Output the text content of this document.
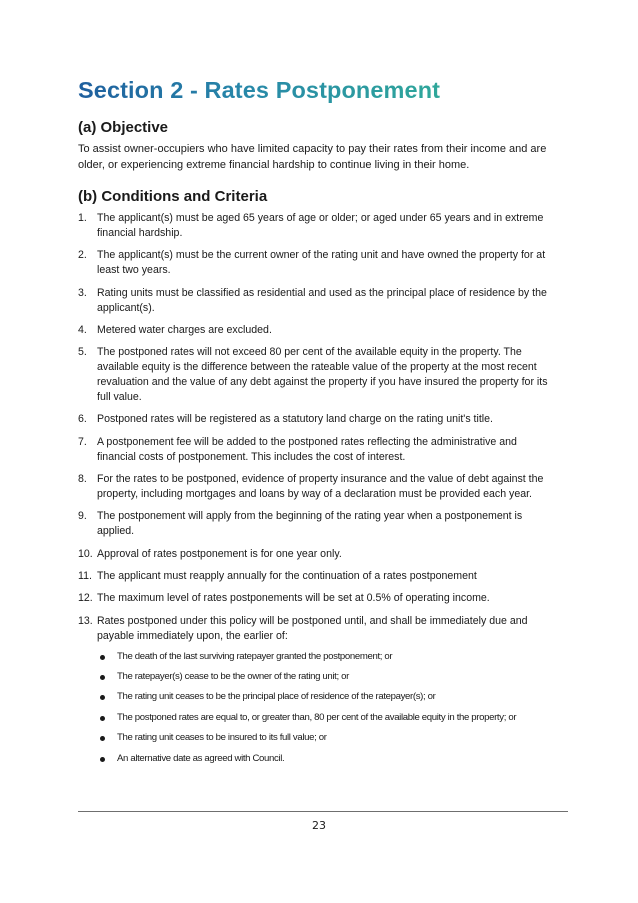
Section 2 - Rates Postponement
(a) Objective

To assist owner-occupiers who have limited capacity to pay their rates from their income and are older, or experiencing extreme financial hardship to continue living in their home.

(b) Conditions and Criteria
1. The applicant(s) must be aged 65 years of age or older; or aged under 65 years and in extreme financial hardship.
2. The applicant(s) must be the current owner of the rating unit and have owned the property for at least two years.
3. Rating units must be classified as residential and used as the principal place of residence by the applicant(s).
4. Metered water charges are excluded.
5. The postponed rates will not exceed 80 per cent of the available equity in the property. The available equity is the difference between the rateable value of the property at the most recent revaluation and the value of any debt against the property if you have insured the property for its full value.
6. Postponed rates will be registered as a statutory land charge on the rating unit's title.
7. A postponement fee will be added to the postponed rates reflecting the administrative and financial costs of postponement. This includes the cost of interest.
8. For the rates to be postponed, evidence of property insurance and the value of debt against the property, including mortgages and loans by way of a declaration must be provided each year.
9. The postponement will apply from the beginning of the rating year when a postponement is applied.
10. Approval of rates postponement is for one year only.
11. The applicant must reapply annually for the continuation of a rates postponement
12. The maximum level of rates postponements will be set at 0.5% of operating income.
13. Rates postponed under this policy will be postponed until, and shall be immediately due and payable immediately upon, the earlier of:
The death of the last surviving ratepayer granted the postponement; or
The ratepayer(s) cease to be the owner of the rating unit; or
The rating unit ceases to be the principal place of residence of the ratepayer(s); or
The postponed rates are equal to, or greater than, 80 per cent of the available equity in the property; or
The rating unit ceases to be insured to its full value; or
An alternative date as agreed with Council.
23
